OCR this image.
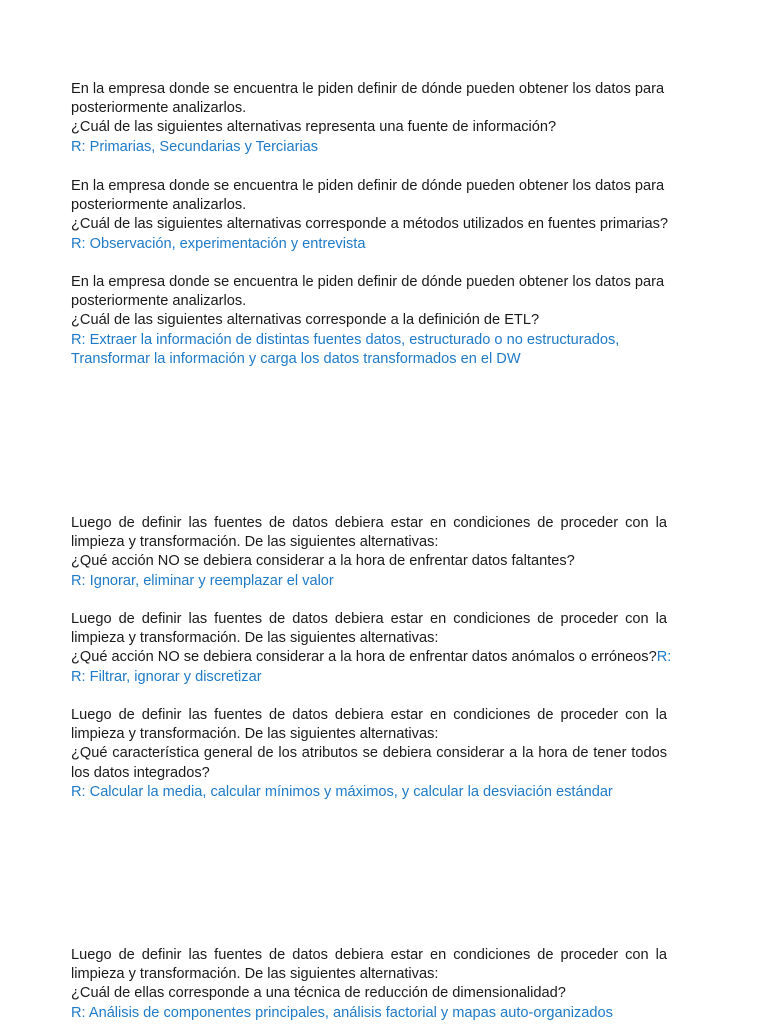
En la empresa donde se encuentra le piden definir de dónde pueden obtener los datos para
posteriormente analizarlos.
¿Cuál de las siguientes alternativas representa una fuente de información?
R: Primarias, Secundarias y Terciarias
En la empresa donde se encuentra le piden definir de dónde pueden obtener los datos para
posteriormente analizarlos.
¿Cuál de las siguientes alternativas corresponde a métodos utilizados en fuentes primarias?
R: Observación, experimentación y entrevista
En la empresa donde se encuentra le piden definir de dónde pueden obtener los datos para
posteriormente analizarlos.
¿Cuál de las siguientes alternativas corresponde a la definición de ETL?
R: Extraer la información de distintas fuentes datos, estructurado o no estructurados,
Transformar la información y carga los datos transformados en el DW
Luego de definir las fuentes de datos debiera estar en condiciones de proceder con la
limpieza y transformación. De las siguientes alternativas:
¿Qué acción NO se debiera considerar a la hora de enfrentar datos faltantes?
R: Ignorar, eliminar y reemplazar el valor
Luego de definir las fuentes de datos debiera estar en condiciones de proceder con la
limpieza y transformación. De las siguientes alternativas:
¿Qué acción NO se debiera considerar a la hora de enfrentar datos anómalos o erróneos?R:
R: Filtrar, ignorar y discretizar
Luego de definir las fuentes de datos debiera estar en condiciones de proceder con la
limpieza y transformación. De las siguientes alternativas:
¿Qué característica general de los atributos se debiera considerar a la hora de tener todos
los datos integrados?
R: Calcular la media, calcular mínimos y máximos, y calcular la desviación estándar
Luego de definir las fuentes de datos debiera estar en condiciones de proceder con la
limpieza y transformación. De las siguientes alternativas:
¿Cuál de ellas corresponde a una técnica de reducción de dimensionalidad?
R: Análisis de componentes principales, análisis factorial y mapas auto-organizados
